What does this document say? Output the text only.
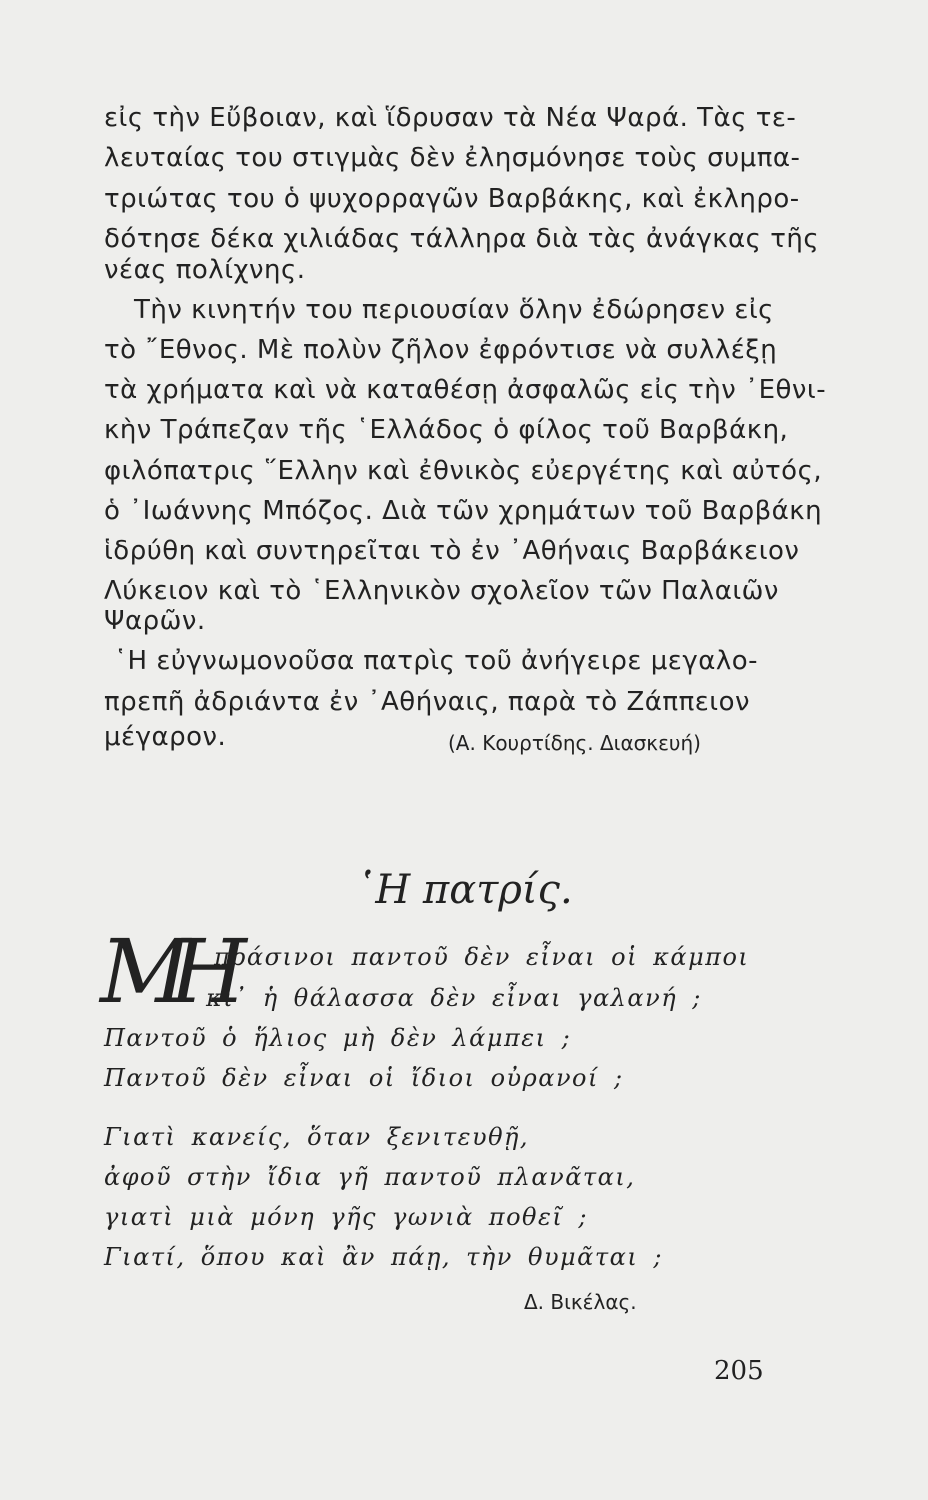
εἰς τὴν Εὔβοιαν, καὶ ἵδρυσαν τὰ Νέα Ψαρά. Τὰς τε-
λευταίας του στιγμὰς δὲν ἐλησμόνησε τοὺς συμπα-
τριώτας του ὁ ψυχορραγῶν Βαρβάκης, καὶ ἐκληρο-
δότησε δέκα χιλιάδας τάλληρα διὰ τὰς ἀνάγκας τῆς
νέας πολίχνης.
Τὴν κινητήν του περιουσίαν ὅλην ἐδώρησεν εἰς
τὸ ῎Εθνος. Μὲ πολὺν ζῆλον ἐφρόντισε νὰ συλλέξῃ
τὰ χρήματα καὶ νὰ καταθέσῃ ἀσφαλῶς εἰς τὴν ᾿Εθνι-
κὴν Τράπεζαν τῆς ῾Ελλάδος ὁ φίλος τοῦ Βαρβάκη,
φιλόπατρις ῞Ελλην καὶ ἐθνικὸς εὐεργέτης καὶ αὐτός,
ὁ ᾿Ιωάννης Μπόζος. Διὰ τῶν χρημάτων τοῦ Βαρβάκη
ἱδρύθη καὶ συντηρεῖται τὸ ἐν ᾿Αθήναις Βαρβάκειον
Λύκειον καὶ τὸ ῾Ελληνικὸν σχολεῖον τῶν Παλαιῶν
Ψαρῶν.
῾Η εὐγνωμονοῦσα πατρὶς τοῦ ἀνήγειρε μεγαλο-
πρεπῆ ἀδριάντα ἐν ᾿Αθήναις, παρὰ τὸ Ζάππειον
μέγαρον.	(Α. Κουρτίδης. Διασκευή)
῾Η πατρίς.
ΜΗ
πράσινοι παντοῦ δὲν εἶναι οἱ κάμποι
κι᾿ ἡ θάλασσα δὲν εἶναι γαλανή ;
Παντοῦ ὁ ἥλιος μὴ δὲν λάμπει ;
Παντοῦ δὲν εἶναι οἱ ἴδιοι οὐρανοί ;
Γιατὶ κανείς, ὅταν ξενιτευθῇ,
ἀφοῦ στὴν ἴδια γῆ παντοῦ πλανᾶται,
γιατὶ μιὰ μόνη γῆς γωνιὰ ποθεῖ ;
Γιατί, ὅπου καὶ ἂν πάῃ, τὴν θυμᾶται ;
Δ. Βικέλας.
205
